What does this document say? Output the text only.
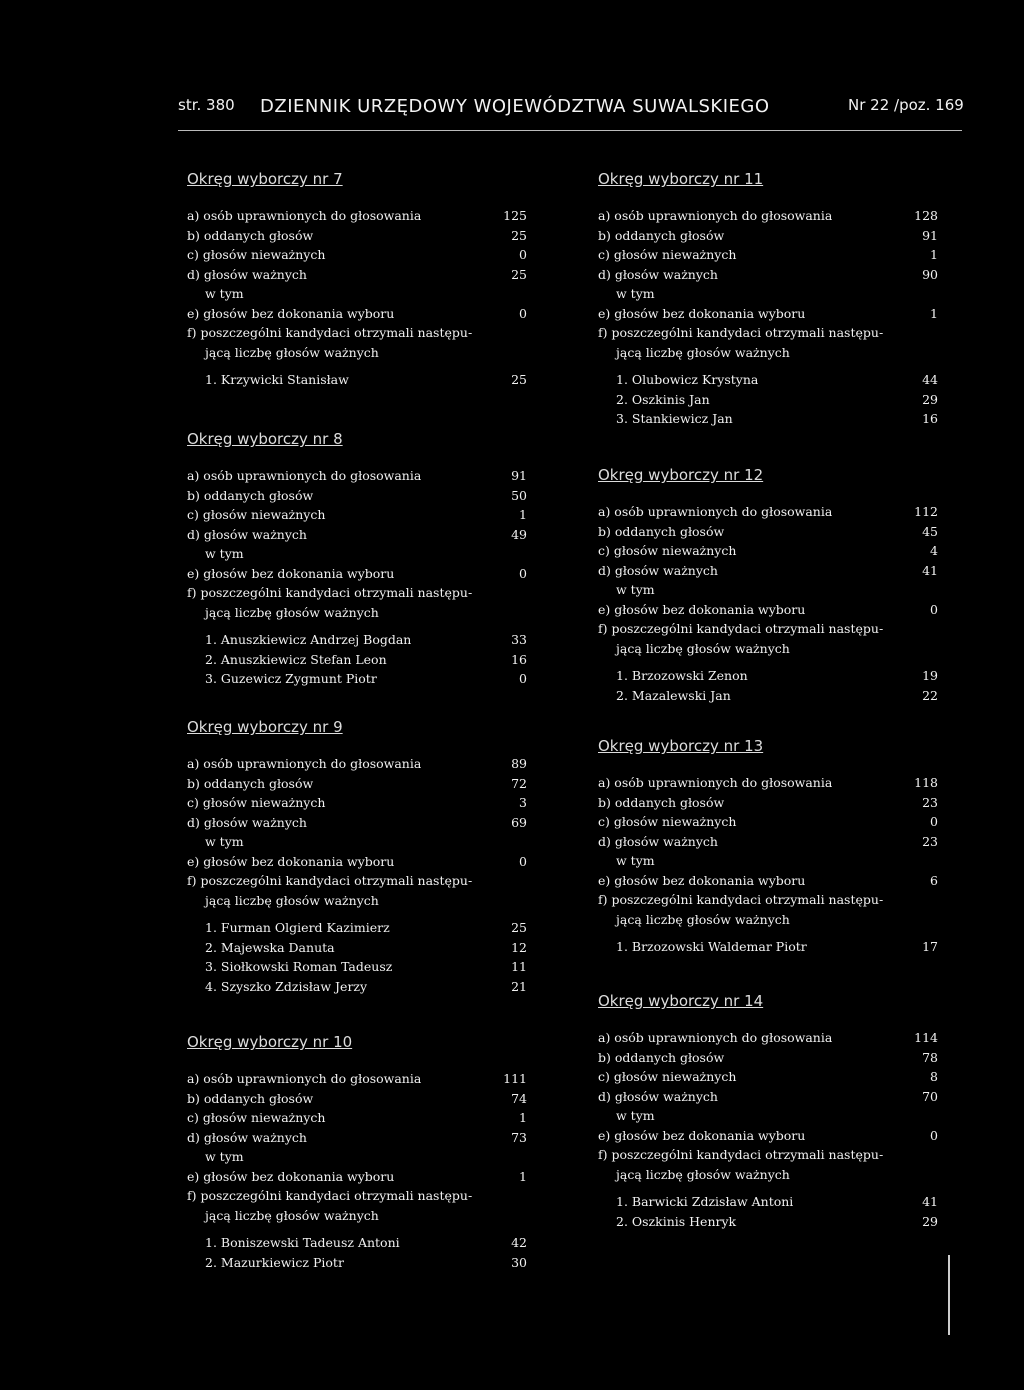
str. 380 DZIENNIK URZĘDOWY WOJEWÓDZTWA SUWALSKIEGO	Nr 22 /poz. 169
Okręg wyborczy nr 7
a) osób uprawnionych do głosowania	125
b) oddanych głosów	25
c) głosów nieważnych	0
d) głosów ważnych	25
w tym
e) głosów bez dokonania wyboru	0
f) poszczególni kandydaci otrzymali następu-
jącą liczbę głosów ważnych
1. Krzywicki Stanisław	25
Okręg wyborczy nr 8
a) osób uprawnionych do głosowania	91
b) oddanych głosów	50
c) głosów nieważnych	1
d) głosów ważnych	49
w tym
e) głosów bez dokonania wyboru	0
f) poszczególni kandydaci otrzymali następu-
jącą liczbę głosów ważnych
1. Anuszkiewicz Andrzej Bogdan	33
2. Anuszkiewicz Stefan Leon	16
3. Guzewicz Zygmunt Piotr	0
Okręg wyborczy nr 9
a) osób uprawnionych do głosowania	89
b) oddanych głosów	72
c) głosów nieważnych	3
d) głosów ważnych	69
w tym
e) głosów bez dokonania wyboru	0
f) poszczególni kandydaci otrzymali następu-
jącą liczbę głosów ważnych
1. Furman Olgierd Kazimierz	25
2. Majewska Danuta	12
3. Siołkowski Roman Tadeusz	11
4. Szyszko Zdzisław Jerzy	21
Okręg wyborczy nr 10
a) osób uprawnionych do głosowania	111
b) oddanych głosów	74
c) głosów nieważnych	1
d) głosów ważnych	73
w tym
e) głosów bez dokonania wyboru	1
f) poszczególni kandydaci otrzymali następu-
jącą liczbę głosów ważnych
1. Boniszewski Tadeusz Antoni	42
2. Mazurkiewicz Piotr	30
Okręg wyborczy nr 11
a) osób uprawnionych do głosowania	128
b) oddanych głosów	91
c) głosów nieważnych	1
d) głosów ważnych	90
w tym
e) głosów bez dokonania wyboru	1
f) poszczególni kandydaci otrzymali następu-
jącą liczbę głosów ważnych
1. Olubowicz Krystyna	44
2. Oszkinis Jan	29
3. Stankiewicz Jan	16
Okręg wyborczy nr 12
a) osób uprawnionych do głosowania	112
b) oddanych głosów	45
c) głosów nieważnych	4
d) głosów ważnych	41
w tym
e) głosów bez dokonania wyboru	0
f) poszczególni kandydaci otrzymali następu-
jącą liczbę głosów ważnych
1. Brzozowski Zenon	19
2. Mazalewski Jan	22
Okręg wyborczy nr 13
a) osób uprawnionych do głosowania	118
b) oddanych głosów	23
c) głosów nieważnych	0
d) głosów ważnych	23
w tym
e) głosów bez dokonania wyboru	6
f) poszczególni kandydaci otrzymali następu-
jącą liczbę głosów ważnych
1. Brzozowski Waldemar Piotr	17
Okręg wyborczy nr 14
a) osób uprawnionych do głosowania	114
b) oddanych głosów	78
c) głosów nieważnych	8
d) głosów ważnych	70
w tym
e) głosów bez dokonania wyboru	0
f) poszczególni kandydaci otrzymali następu-
jącą liczbę głosów ważnych
1. Barwicki Zdzisław Antoni	41
2. Oszkinis Henryk	29
